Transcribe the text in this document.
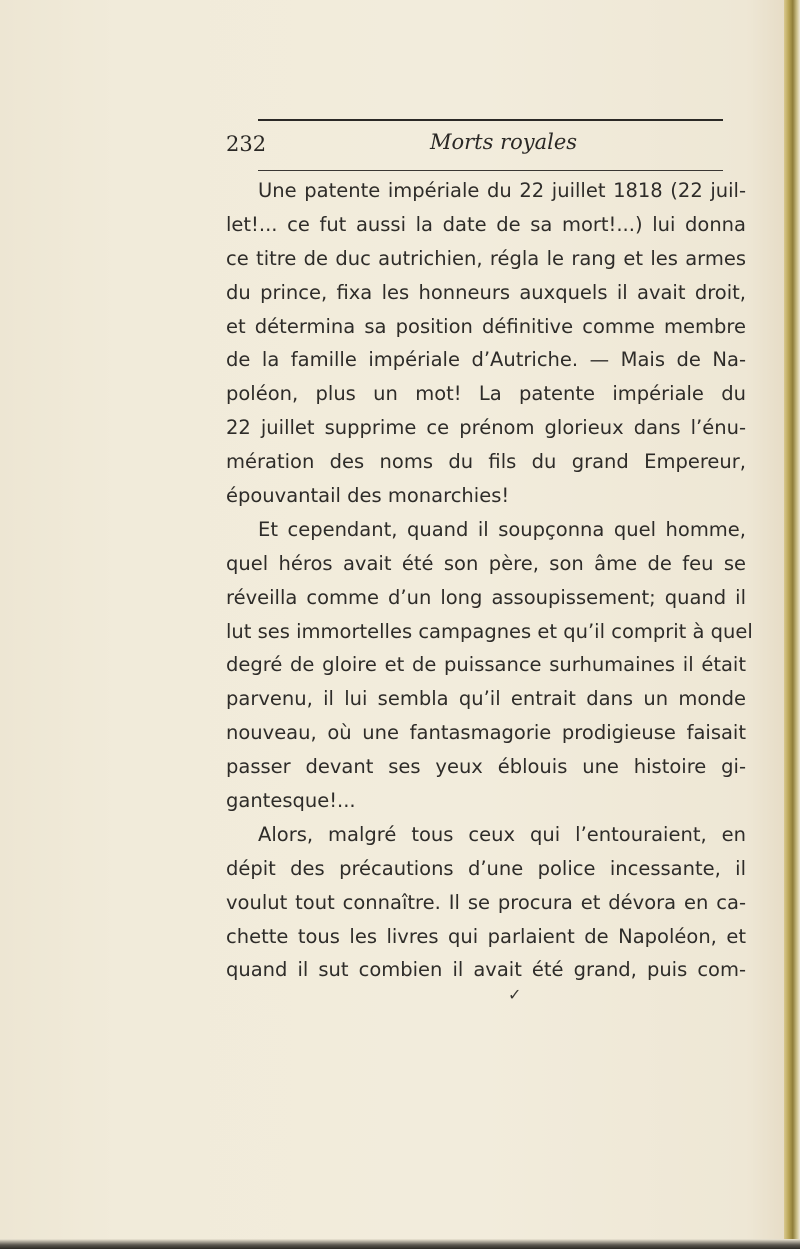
232	Morts royales
Une patente impériale du 22 juillet 1818 (22 juil-
let!... ce fut aussi la date de sa mort!...) lui donna
ce titre de duc autrichien, régla le rang et les armes
du prince, fixa les honneurs auxquels il avait droit,
et détermina sa position définitive comme membre
de la famille impériale d’Autriche. — Mais de Na-
poléon, plus un mot! La patente impériale du
22 juillet supprime ce prénom glorieux dans l’énu-
mération des noms du fils du grand Empereur,
épouvantail des monarchies!
Et cependant, quand il soupçonna quel homme,
quel héros avait été son père, son âme de feu se
réveilla comme d’un long assoupissement; quand il
lut ses immortelles campagnes et qu’il comprit à quel
degré de gloire et de puissance surhumaines il était
parvenu, il lui sembla qu’il entrait dans un monde
nouveau, où une fantasmagorie prodigieuse faisait
passer devant ses yeux éblouis une histoire gi-
gantesque!...
Alors, malgré tous ceux qui l’entouraient, en
dépit des précautions d’une police incessante, il
voulut tout connaître. Il se procura et dévora en ca-
chette tous les livres qui parlaient de Napoléon, et
quand il sut combien il avait été grand, puis com-
✓
